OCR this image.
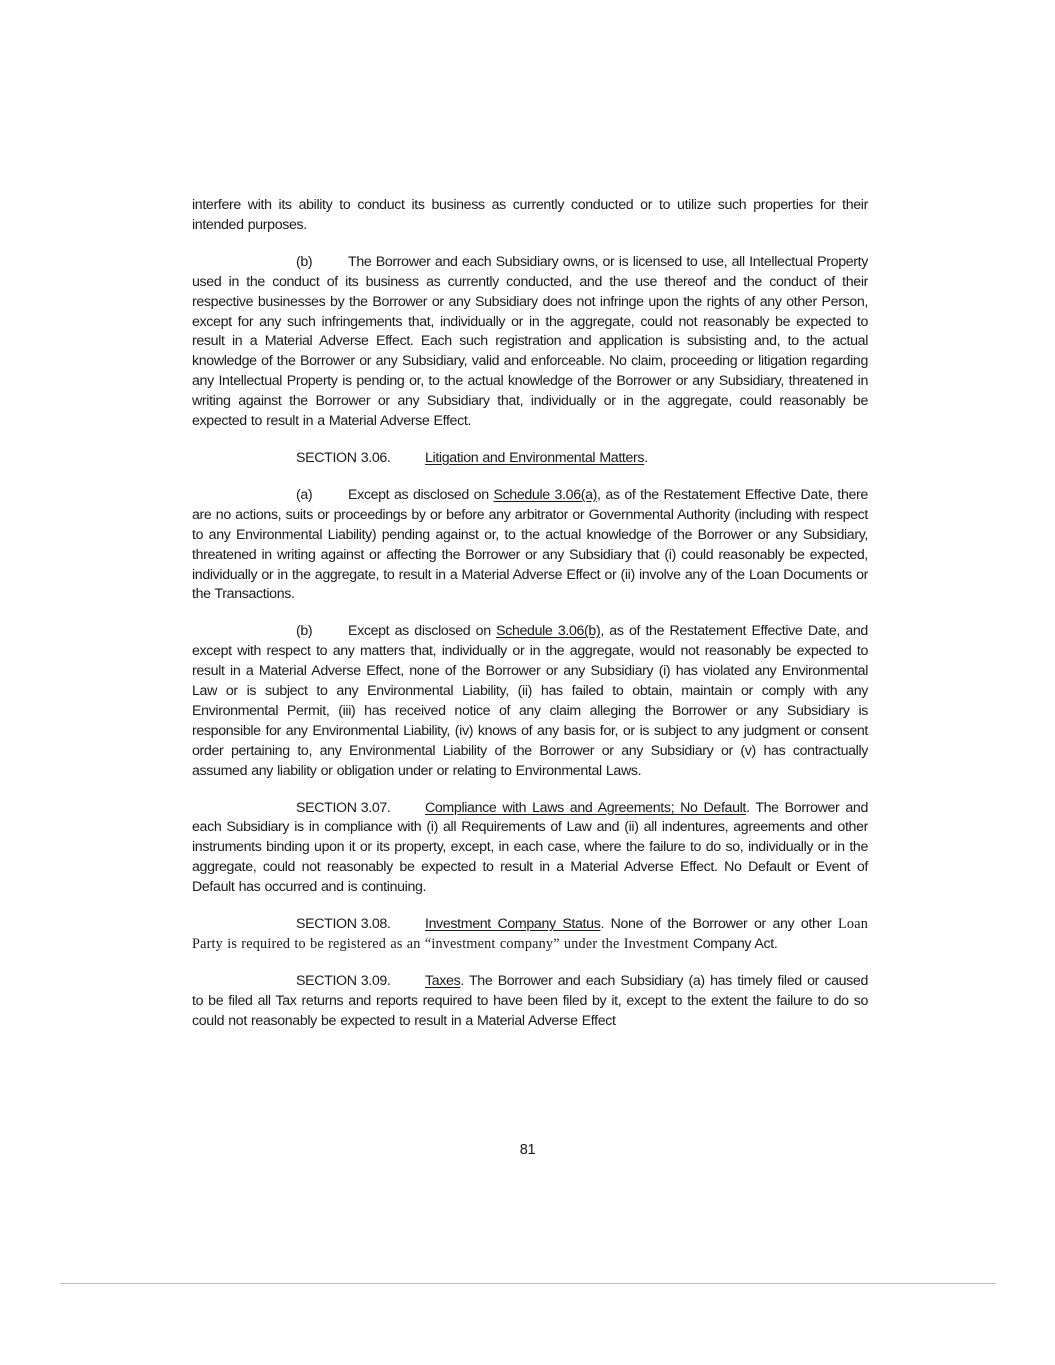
interfere with its ability to conduct its business as currently conducted or to utilize such properties for their intended purposes.

(b)	The Borrower and each Subsidiary owns, or is licensed to use, all Intellectual Property used in the conduct of its business as currently conducted, and the use thereof and the conduct of their respective businesses by the Borrower or any Subsidiary does not infringe upon the rights of any other Person, except for any such infringements that, individually or in the aggregate, could not reasonably be expected to result in a Material Adverse Effect. Each such registration and application is subsisting and, to the actual knowledge of the Borrower or any Subsidiary, valid and enforceable. No claim, proceeding or litigation regarding any Intellectual Property is pending or, to the actual knowledge of the Borrower or any Subsidiary, threatened in writing against the Borrower or any Subsidiary that, individually or in the aggregate, could reasonably be expected to result in a Material Adverse Effect.

SECTION 3.06. Litigation and Environmental Matters.

(a)	Except as disclosed on Schedule 3.06(a), as of the Restatement Effective Date, there are no actions, suits or proceedings by or before any arbitrator or Governmental Authority (including with respect to any Environmental Liability) pending against or, to the actual knowledge of the Borrower or any Subsidiary, threatened in writing against or affecting the Borrower or any Subsidiary that (i) could reasonably be expected, individually or in the aggregate, to result in a Material Adverse Effect or (ii) involve any of the Loan Documents or the Transactions.

(b)	Except as disclosed on Schedule 3.06(b), as of the Restatement Effective Date, and except with respect to any matters that, individually or in the aggregate, would not reasonably be expected to result in a Material Adverse Effect, none of the Borrower or any Subsidiary (i) has violated any Environmental Law or is subject to any Environmental Liability, (ii) has failed to obtain, maintain or comply with any Environmental Permit, (iii) has received notice of any claim alleging the Borrower or any Subsidiary is responsible for any Environmental Liability, (iv) knows of any basis for, or is subject to any judgment or consent order pertaining to, any Environmental Liability of the Borrower or any Subsidiary or (v) has contractually assumed any liability or obligation under or relating to Environmental Laws.

SECTION 3.07. Compliance with Laws and Agreements; No Default. The Borrower and each Subsidiary is in compliance with (i) all Requirements of Law and (ii) all indentures, agreements and other instruments binding upon it or its property, except, in each case, where the failure to do so, individually or in the aggregate, could not reasonably be expected to result in a Material Adverse Effect. No Default or Event of Default has occurred and is continuing.

SECTION 3.08. Investment Company Status. None of the Borrower or any other Loan Party is required to be registered as an “investment company” under the Investment Company Act.

SECTION 3.09. Taxes. The Borrower and each Subsidiary (a) has timely filed or caused to be filed all Tax returns and reports required to have been filed by it, except to the extent the failure to do so could not reasonably be expected to result in a Material Adverse Effect

81
